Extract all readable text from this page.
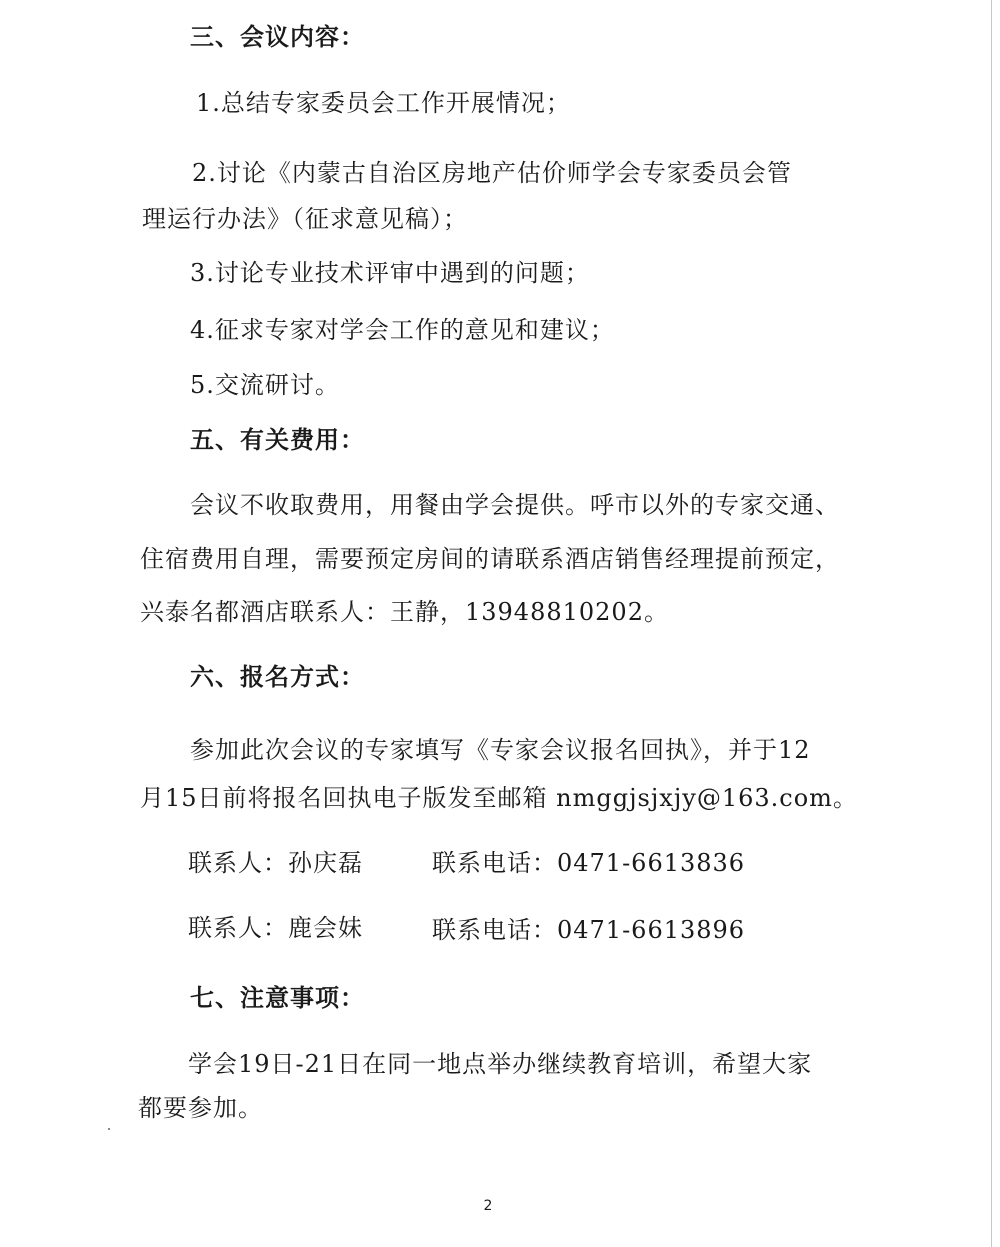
三、会议内容：
1.总结专家委员会工作开展情况；
2.讨论《内蒙古自治区房地产估价师学会专家委员会管
理运行办法》（征求意见稿）；
3.讨论专业技术评审中遇到的问题；
4.征求专家对学会工作的意见和建议；
5.交流研讨。
五、有关费用：
会议不收取费用，用餐由学会提供。呼市以外的专家交通、
住宿费用自理，需要预定房间的请联系酒店销售经理提前预定，
兴泰名都酒店联系人：王静，13948810202。
六、报名方式：
参加此次会议的专家填写《专家会议报名回执》，并于12
月15日前将报名回执电子版发至邮箱 nmggjsjxjy@163.com。
联系人：孙庆磊	联系电话：0471-6613836
联系人：鹿会妹	联系电话：0471-6613896
七、注意事项：
学会19日-21日在同一地点举办继续教育培训，希望大家
都要参加。
2
